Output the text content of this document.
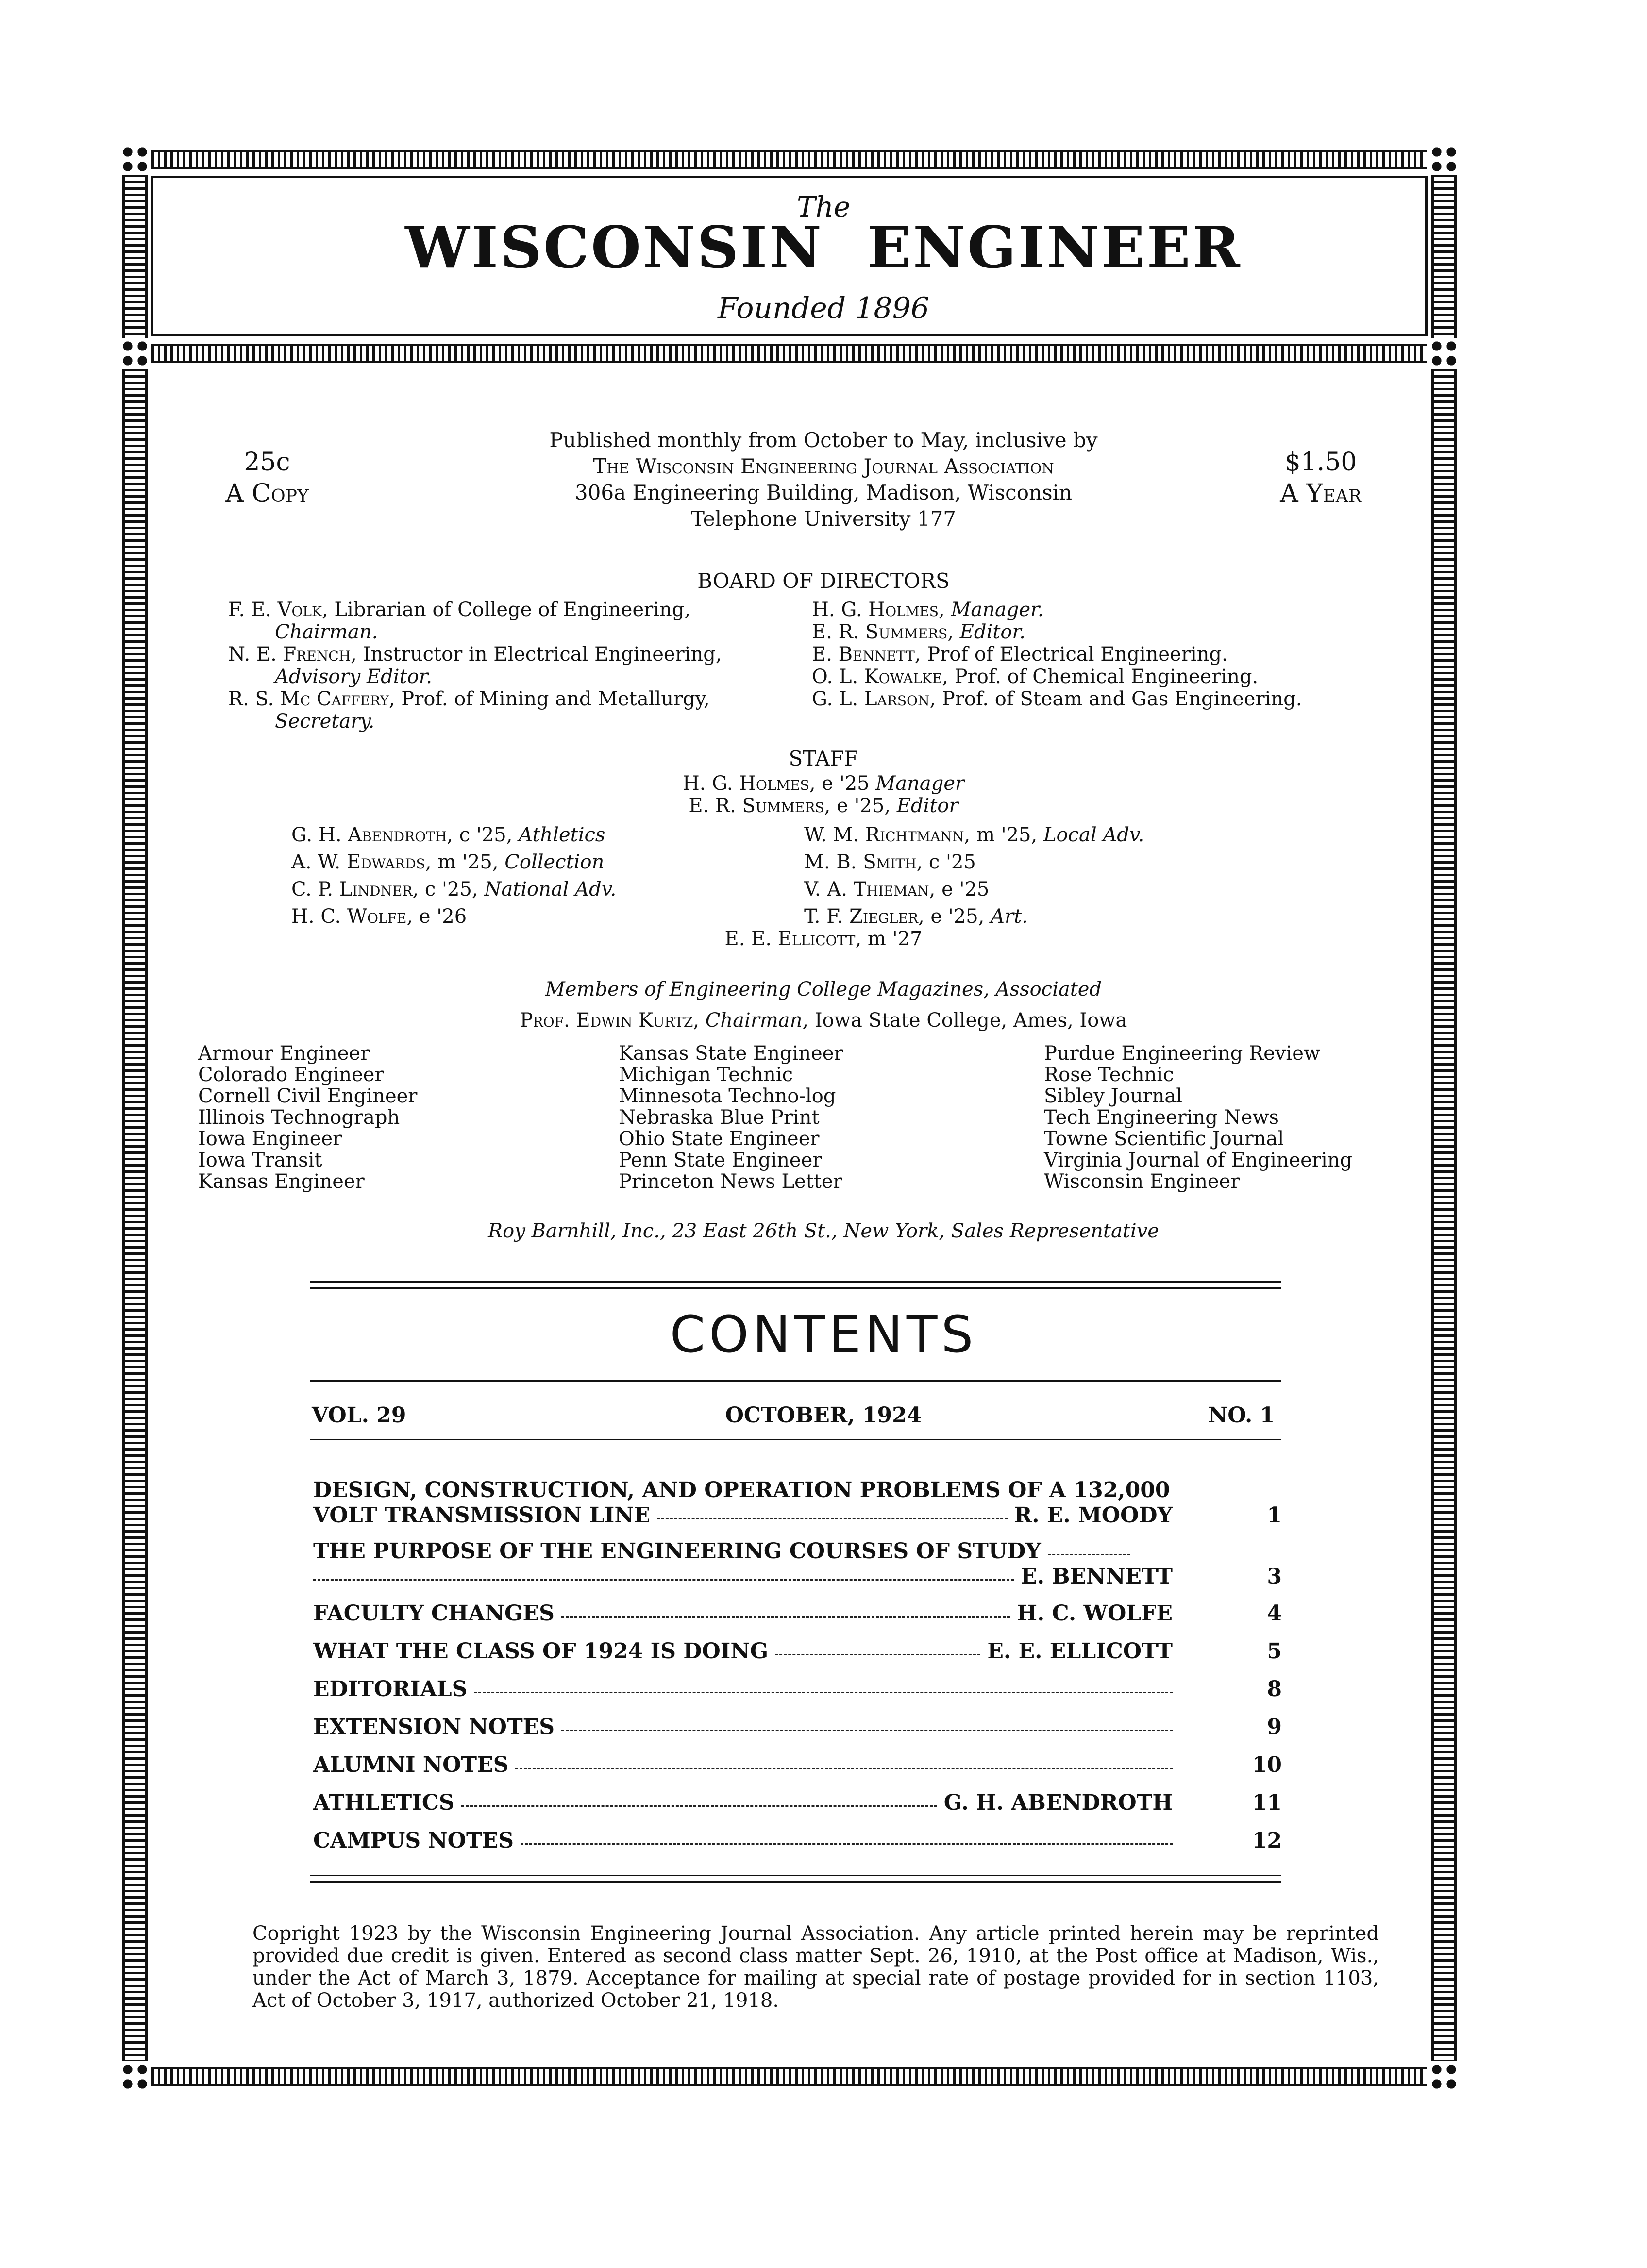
The
WISCONSIN  ENGINEER
Founded 1896
25c
A Copy
$1.50
A Year
Published monthly from October to May, inclusive by
The Wisconsin Engineering Journal Association
306a Engineering Building, Madison, Wisconsin
Telephone University 177
BOARD OF DIRECTORS
F. E. Volk, Librarian of College of Engineering,
Chairman.
N. E. French, Instructor in Electrical Engineering,
Advisory Editor.
R. S. Mc Caffery, Prof. of Mining and Metallurgy,
Secretary.
H. G. Holmes, Manager.
E. R. Summers, Editor.
E. Bennett, Prof of Electrical Engineering.
O. L. Kowalke, Prof. of Chemical Engineering.
G. L. Larson, Prof. of Steam and Gas Engineering.
STAFF
H. G. Holmes, e '25 Manager
E. R. Summers, e '25, Editor
G. H. Abendroth, c '25, Athletics
A. W. Edwards, m '25, Collection
C. P. Lindner, c '25, National Adv.
H. C. Wolfe, e '26
W. M. Richtmann, m '25, Local Adv.
M. B. Smith, c '25
V. A. Thieman, e '25
T. F. Ziegler, e '25, Art.
E. E. Ellicott, m '27
Members of Engineering College Magazines, Associated
Prof. Edwin Kurtz, Chairman, Iowa State College, Ames, Iowa
Armour Engineer
Colorado Engineer
Cornell Civil Engineer
Illinois Technograph
Iowa Engineer
Iowa Transit
Kansas Engineer
Kansas State Engineer
Michigan Technic
Minnesota Techno-log
Nebraska Blue Print
Ohio State Engineer
Penn State Engineer
Princeton News Letter
Purdue Engineering Review
Rose Technic
Sibley Journal
Tech Engineering News
Towne Scientific Journal
Virginia Journal of Engineering
Wisconsin Engineer
Roy Barnhill, Inc., 23 East 26th St., New York, Sales Representative
CONTENTS
VOL. 29	OCTOBER, 1924	NO. 1
DESIGN, CONSTRUCTION, AND OPERATION PROBLEMS OF A 132,000
VOLT TRANSMISSION LINE	R. E. MOODY	1
THE PURPOSE OF THE ENGINEERING COURSES OF STUDY
E. BENNETT	3
FACULTY CHANGES	H. C. WOLFE	4
WHAT THE CLASS OF 1924 IS DOING	E. E. ELLICOTT	5
EDITORIALS	8
EXTENSION NOTES	9
ALUMNI NOTES	10
ATHLETICS	G. H. ABENDROTH	11
CAMPUS NOTES	12
Copright 1923 by the Wisconsin Engineering Journal Association. Any article printed herein may be reprinted provided due credit is given. Entered as second class matter Sept. 26, 1910, at the Post office at Madison, Wis., under the Act of March 3, 1879. Acceptance for mailing at special rate of postage provided for in section 1103, Act of October 3, 1917, authorized October 21, 1918.
